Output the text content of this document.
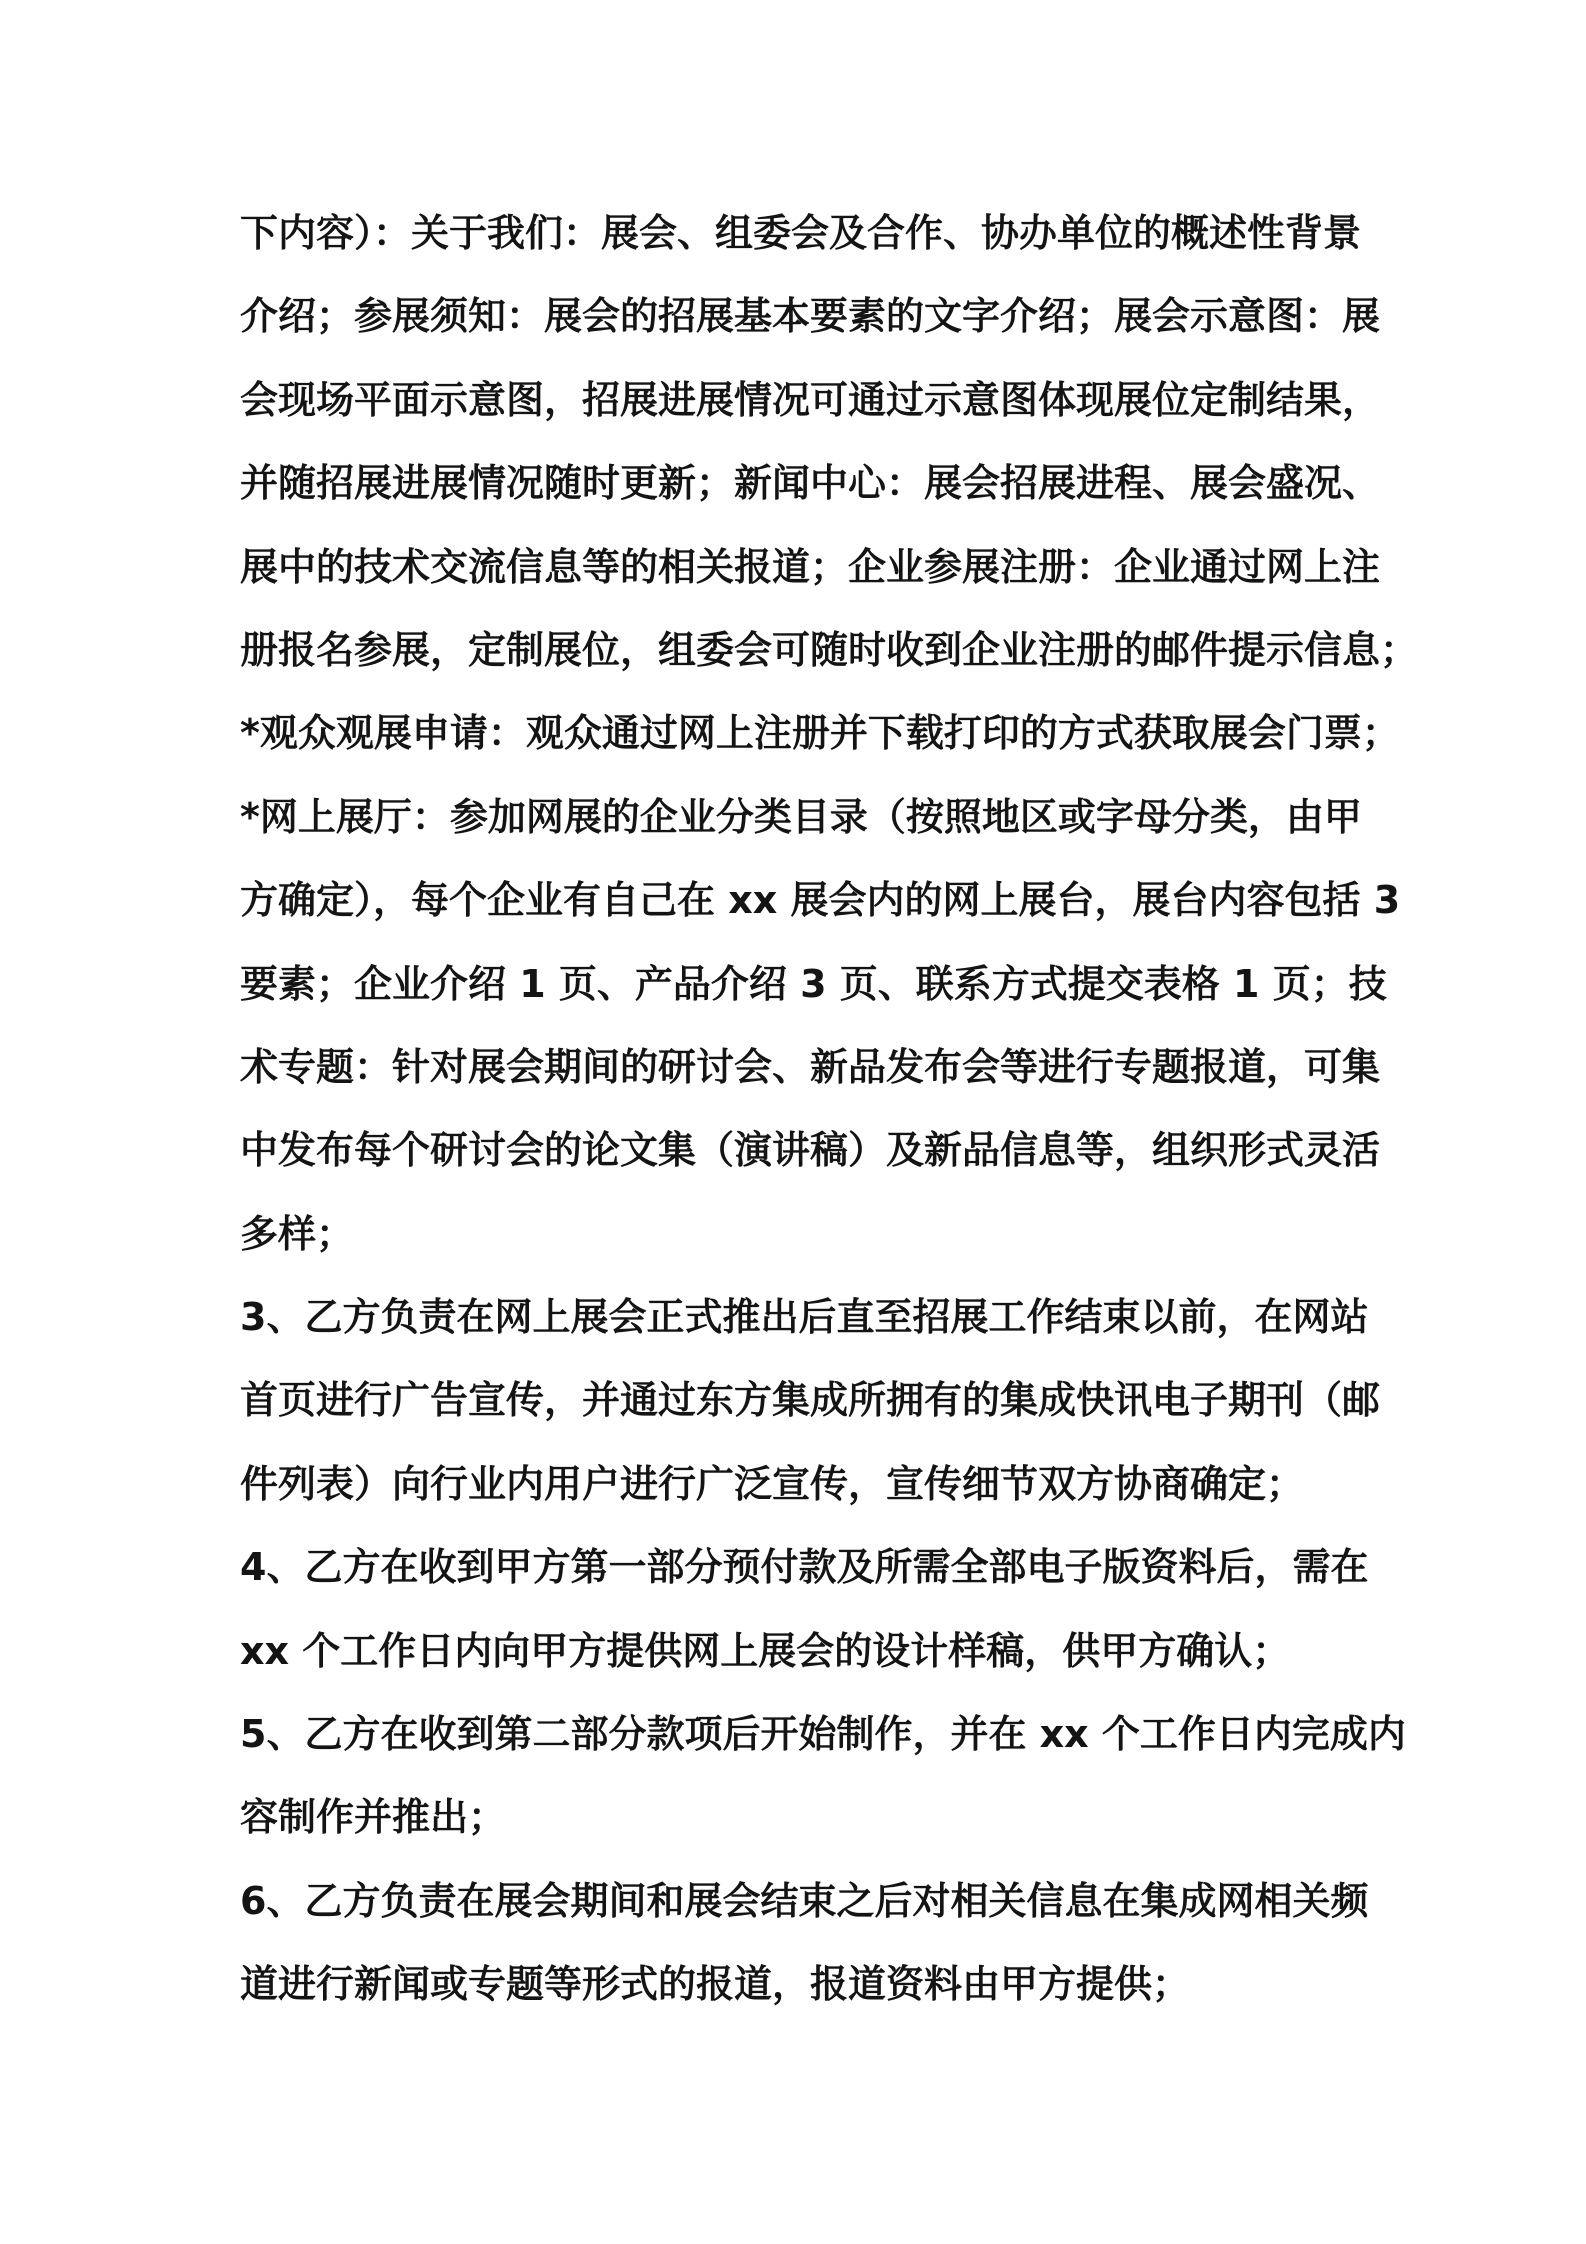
下内容）：关于我们：展会、组委会及合作、协办单位的概述性背景
介绍；参展须知：展会的招展基本要素的文字介绍；展会示意图：展
会现场平面示意图，招展进展情况可通过示意图体现展位定制结果，
并随招展进展情况随时更新；新闻中心：展会招展进程、展会盛况、
展中的技术交流信息等的相关报道；企业参展注册：企业通过网上注
册报名参展，定制展位，组委会可随时收到企业注册的邮件提示信息；
*观众观展申请：观众通过网上注册并下载打印的方式获取展会门票；
*网上展厅：参加网展的企业分类目录（按照地区或字母分类，由甲
方确定），每个企业有自己在 xx 展会内的网上展台，展台内容包括 3
要素；企业介绍 1 页、产品介绍 3 页、联系方式提交表格 1 页；技
术专题：针对展会期间的研讨会、新品发布会等进行专题报道，可集
中发布每个研讨会的论文集（演讲稿）及新品信息等，组织形式灵活
多样；
3、乙方负责在网上展会正式推出后直至招展工作结束以前，在网站
首页进行广告宣传，并通过东方集成所拥有的集成快讯电子期刊（邮
件列表）向行业内用户进行广泛宣传，宣传细节双方协商确定；
4、乙方在收到甲方第一部分预付款及所需全部电子版资料后，需在
xx 个工作日内向甲方提供网上展会的设计样稿，供甲方确认；
5、乙方在收到第二部分款项后开始制作，并在 xx 个工作日内完成内
容制作并推出；
6、乙方负责在展会期间和展会结束之后对相关信息在集成网相关频
道进行新闻或专题等形式的报道，报道资料由甲方提供；
